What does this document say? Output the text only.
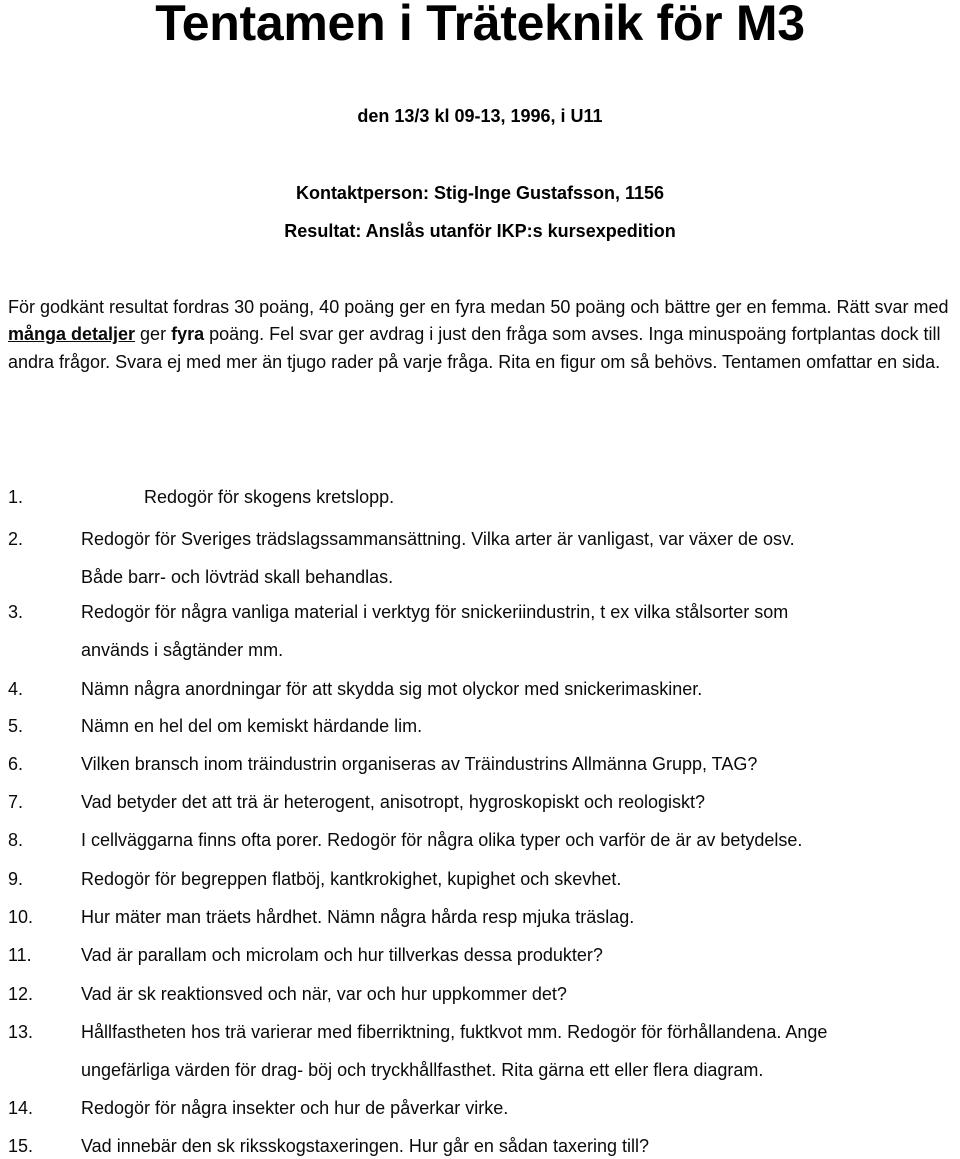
Tentamen i Träteknik för M3
den 13/3 kl 09-13, 1996, i U11
Kontaktperson: Stig-Inge Gustafsson, 1156
Resultat: Anslås utanför IKP:s kursexpedition
För godkänt resultat fordras 30 poäng, 40 poäng ger en fyra medan 50 poäng och bättre ger en femma. Rätt svar med många detaljer ger fyra poäng. Fel svar ger avdrag i just den fråga som avses. Inga minuspoäng fortplantas dock till andra frågor. Svara ej med mer än tjugo rader på varje fråga. Rita en figur om så behövs. Tentamen omfattar en sida.
1.	Redogör för skogens kretslopp.
2.	Redogör för Sveriges trädslagssammansättning. Vilka arter är vanligast, var växer de osv.
Både barr- och lövträd skall behandlas.
3.	Redogör för några vanliga material i verktyg för snickeriindustrin, t ex vilka stålsorter som
används i sågtänder mm.
4.	Nämn några anordningar för att skydda sig mot olyckor med snickerimaskiner.
5.	Nämn en hel del om kemiskt härdande lim.
6.	Vilken bransch inom träindustrin organiseras av Träindustrins Allmänna Grupp, TAG?
7.	Vad betyder det att trä är heterogent, anisotropt, hygroskopiskt och reologiskt?
8.	I cellväggarna finns ofta porer. Redogör för några olika typer och varför de är av betydelse.
9.	Redogör för begreppen flatböj, kantkrokighet, kupighet och skevhet.
10.	Hur mäter man träets hårdhet. Nämn några hårda resp mjuka träslag.
11.	Vad är parallam och microlam och hur tillverkas dessa produkter?
12.	Vad är sk reaktionsved och när, var och hur uppkommer det?
13.	Hållfastheten hos trä varierar med fiberriktning, fuktkvot mm. Redogör för förhållandena. Ange
ungefärliga värden för drag- böj och tryckhållfasthet. Rita gärna ett eller flera diagram.
14.	Redogör för några insekter och hur de påverkar virke.
15.	Vad innebär den sk riksskogstaxeringen. Hur går en sådan taxering till?
